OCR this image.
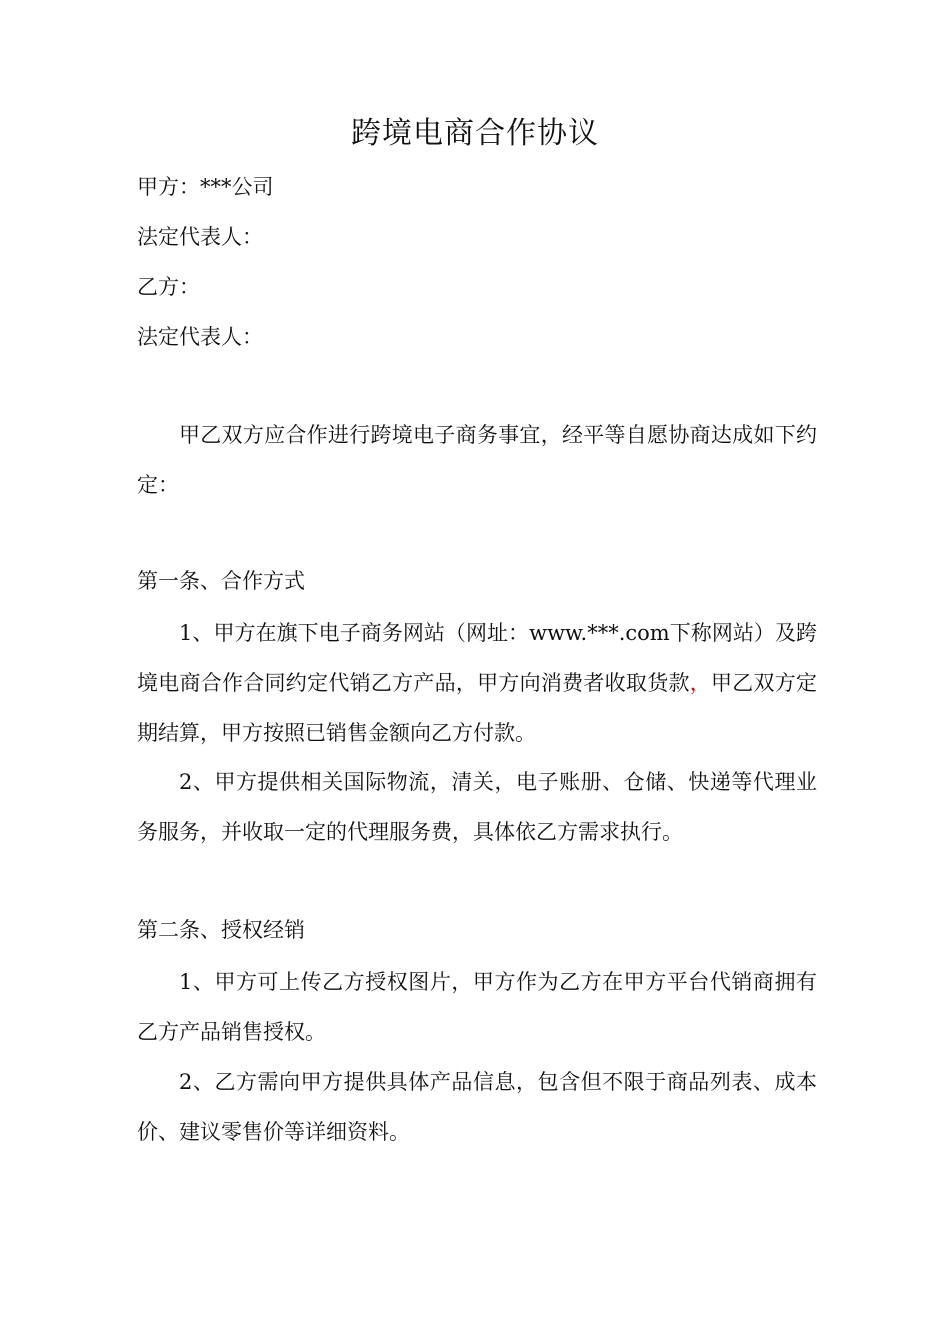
跨境电商合作协议
甲方：***公司
法定代表人：
乙方：
法定代表人：
甲乙双方应合作进行跨境电子商务事宜，经平等自愿协商达成如下约定：
第一条、合作方式
1、甲方在旗下电子商务网站（网址：www.***.com下称网站）及跨境电商合作合同约定代销乙方产品，甲方向消费者收取货款，甲乙双方定期结算，甲方按照已销售金额向乙方付款。
2、甲方提供相关国际物流，清关，电子账册、仓储、快递等代理业务服务，并收取一定的代理服务费，具体依乙方需求执行。
第二条、授权经销
1、甲方可上传乙方授权图片，甲方作为乙方在甲方平台代销商拥有乙方产品销售授权。
2、乙方需向甲方提供具体产品信息，包含但不限于商品列表、成本价、建议零售价等详细资料。
